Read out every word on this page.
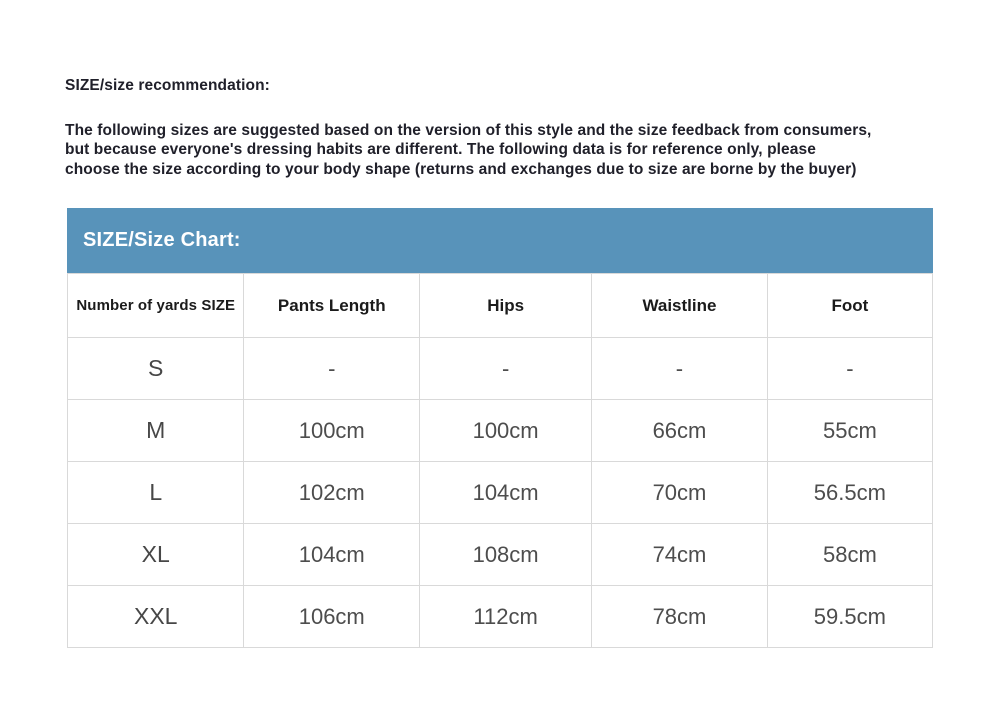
SIZE/size recommendation:
The following sizes are suggested based on the version of this style and the size feedback from consumers,
but because everyone's dressing habits are different. The following data is for reference only, please
choose the size according to your body shape (returns and exchanges due to size are borne by the buyer)
SIZE/Size Chart:
Number of yards SIZE	Pants Length	Hips	Waistline	Foot
S	-	-	-	-
M	100cm	100cm	66cm	55cm
L	102cm	104cm	70cm	56.5cm
XL	104cm	108cm	74cm	58cm
XXL	106cm	112cm	78cm	59.5cm
